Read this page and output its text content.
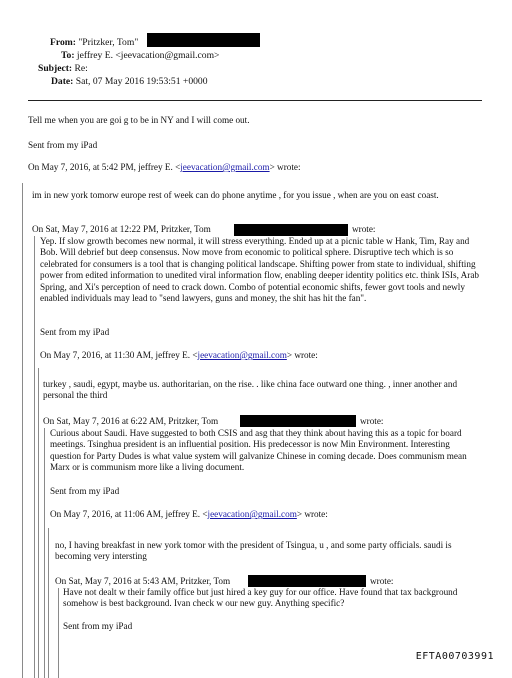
From: "Pritzker, Tom"
To: jeffrey E. <jeevacation@gmail.com>
Subject: Re:
Date: Sat, 07 May 2016 19:53:51 +0000
Tell me when you are goi g to be in NY and I will come out.
Sent from my iPad
On May 7, 2016, at 5:42 PM, jeffrey E. <jeevacation@gmail.com> wrote:
im in new york tomorw europe rest of week can do phone anytime , for you issue , when are you on east coast.
On Sat, May 7, 2016 at 12:22 PM, Pritzker, Tom	wrote:
Yep. If slow growth becomes new normal, it will stress everything. Ended up at a picnic table w Hank, Tim, Ray and Bob. Will debrief but deep consensus. Now move from economic to political sphere. Disruptive tech which is so celebrated for consumers is a tool that is changing political landscape. Shifting power from state to individual, shifting power from edited information to unedited viral information flow, enabling deeper identity politics etc. think ISIs, Arab Spring, and Xi's perception of need to crack down. Combo of potential economic shifts, fewer govt tools and newly enabled individuals may lead to "send lawyers, guns and money, the shit has hit the fan".
Sent from my iPad
On May 7, 2016, at 11:30 AM, jeffrey E. <jeevacation@gmail.com> wrote:
turkey , saudi, egypt, maybe us. authoritarian, on the rise. . like china face outward one thing. , inner another and personal the third
On Sat, May 7, 2016 at 6:22 AM, Pritzker, Tom	wrote:
Curious about Saudi. Have suggested to both CSIS and asg that they think about having this as a topic for board meetings. Tsinghua president is an influential position. His predecessor is now Min Environment. Interesting question for Party Dudes is what value system will galvanize Chinese in coming decade. Does communism mean Marx or is communism more like a living document.
Sent from my iPad
On May 7, 2016, at 11:06 AM, jeffrey E. <jeevacation@gmail.com> wrote:
no, I having breakfast in new york tomor with the president of Tsingua, u , and some party officials. saudi is becoming very intersting
On Sat, May 7, 2016 at 5:43 AM, Pritzker, Tom	wrote:
Have not dealt w their family office but just hired a key guy for our office. Have found that tax background somehow is best background. Ivan check w our new guy. Anything specific?
Sent from my iPad
EFTA00703991
